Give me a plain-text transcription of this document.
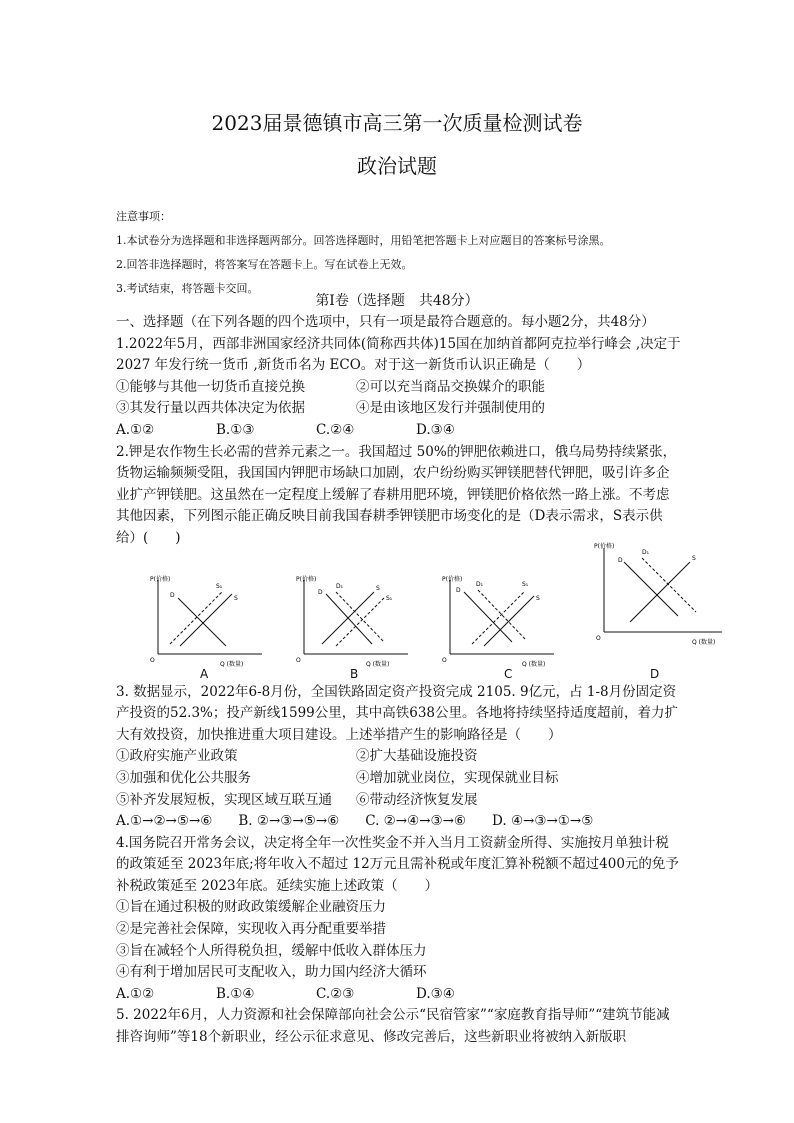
2023届景德镇市高三第一次质量检测试卷
政治试题
注意事项：
1.本试卷分为选择题和非选择题两部分。回答选择题时，用铅笔把答题卡上对应题目的答案标号涂黑。
2.回答非选择题时，将答案写在答题卡上。写在试卷上无效。
3.考试结束，将答题卡交回。
第Ⅰ卷（选择题　共48分）

一、选择题（在下列各题的四个选项中，只有一项是最符合题意的。每小题2分，共48分）

1.2022年5月，西部非洲国家经济共同体(简称西共体)15国在加纳首都阿克拉举行峰会 ,决定于 2027 年发行统一货币 ,新货币名为 ECO。对于这一新货币认识正确是（　　）

①能够与其他一切货币直接兑换	②可以充当商品交换媒介的职能
③其发行量以西共体决定为依据	④是由该地区发行并强制使用的
A.①②	B.①③	C.②④	D.③④

2.钾是农作物生长必需的营养元素之一。我国超过 50%的钾肥依赖进口，俄乌局势持续紧张，货物运输频频受阻，我国国内钾肥市场缺口加剧，农户纷纷购买钾镁肥替代钾肥，吸引许多企业扩产钾镁肥。这虽然在一定程度上缓解了春耕用肥环境，钾镁肥价格依然一路上涨。不考虑其他因素，下列图示能正确反映目前我国春耕季钾镁肥市场变化的是（D表示需求，S表示供给）(　　)

P(价格)
Q (数量)
O
D
S₁
S
P(价格)
Q (数量)
O
D
D₁	S
S₁
P(价格)
Q (数量)
O
D
D₁	S₁
S
P(价格)
Q (数量)
O
D
D₁
S
A	B	C	D

3. 数据显示，2022年6-8月份，全国铁路固定资产投资完成 2105. 9亿元，占 1-8月份固定资产投资的52.3%；投产新线1599公里，其中高铁638公里。各地将持续坚持适度超前，着力扩大有效投资，加快推进重大项目建设。上述举措产生的影响路径是（　　）

①政府实施产业政策	②扩大基础设施投资
③加强和优化公共服务	④增加就业岗位，实现保就业目标
⑤补齐发展短板，实现区域互联互通	⑥带动经济恢复发展
A.①→②→⑤→⑥ B. ②→③→⑤→⑥ C. ②→④→③→⑥ D. ④→③→①→⑤

4.国务院召开常务会议，决定将全年一次性奖金不并入当月工资薪金所得、实施按月单独计税的政策延至 2023年底;将年收入不超过 12万元且需补税或年度汇算补税额不超过400元的免予补税政策延至 2023年底。延续实施上述政策（　　）

①旨在通过积极的财政政策缓解企业融资压力

②是完善社会保障，实现收入再分配重要举措

③旨在减轻个人所得税负担，缓解中低收入群体压力

④有利于增加居民可支配收入，助力国内经济大循环

A.①②	B.①④	C.②③	D.③④

5. 2022年6月，人力资源和社会保障部向社会公示“民宿管家”“家庭教育指导师”“建筑节能减排咨询师”等18个新职业，经公示征求意见、修改完善后，这些新职业将被纳入新版职
